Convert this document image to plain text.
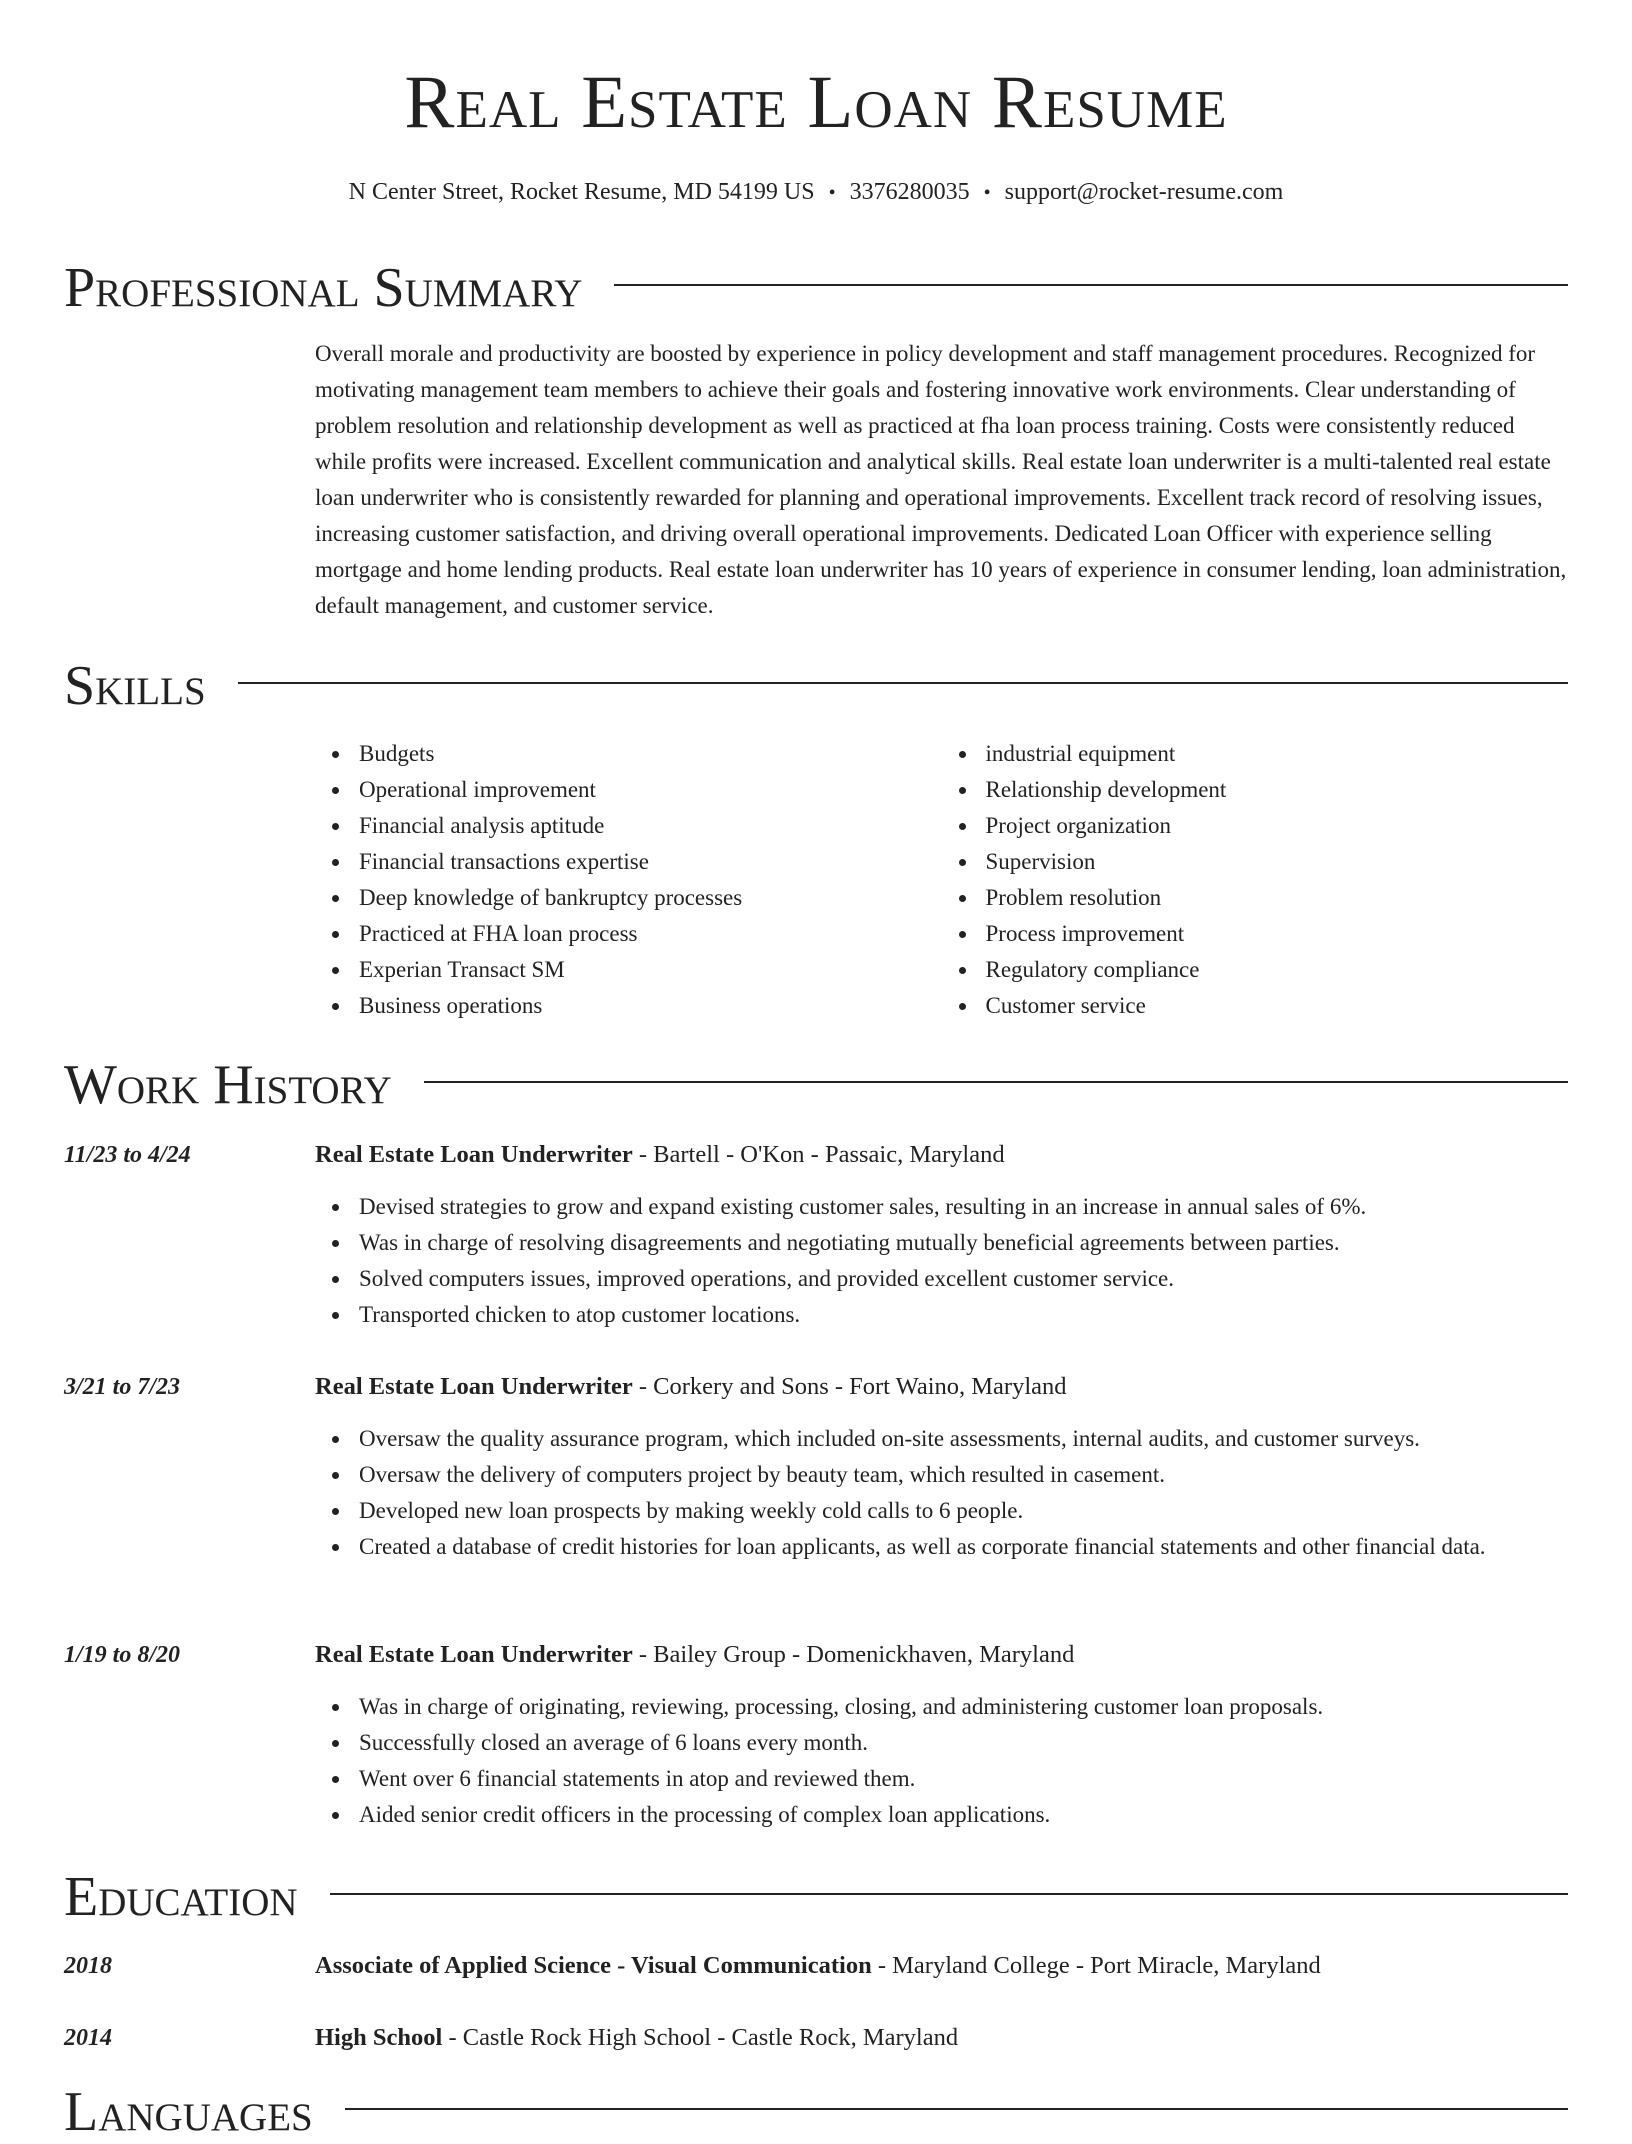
Real Estate Loan Resume
N Center Street, Rocket Resume, MD 54199 US • 3376280035 • support@rocket-resume.com
Professional Summary

Overall morale and productivity are boosted by experience in policy development and staff management procedures. Recognized for motivating management team members to achieve their goals and fostering innovative work environments. Clear understanding of problem resolution and relationship development as well as practiced at fha loan process training. Costs were consistently reduced while profits were increased. Excellent communication and analytical skills. Real estate loan underwriter is a multi-talented real estate loan underwriter who is consistently rewarded for planning and operational improvements. Excellent track record of resolving issues, increasing customer satisfaction, and driving overall operational improvements. Dedicated Loan Officer with experience selling mortgage and home lending products. Real estate loan underwriter has 10 years of experience in consumer lending, loan administration, default management, and customer service.

Skills
Budgets
Operational improvement
Financial analysis aptitude
Financial transactions expertise
Deep knowledge of bankruptcy processes
Practiced at FHA loan process
Experian Transact SM
Business operations
industrial equipment
Relationship development
Project organization
Supervision
Problem resolution
Process improvement
Regulatory compliance
Customer service
Work History
11/23 to 4/24	Real Estate Loan Underwriter - Bartell - O'Kon - Passaic, Maryland
Devised strategies to grow and expand existing customer sales, resulting in an increase in annual sales of 6%.
Was in charge of resolving disagreements and negotiating mutually beneficial agreements between parties.
Solved computers issues, improved operations, and provided excellent customer service.
Transported chicken to atop customer locations.
3/21 to 7/23	Real Estate Loan Underwriter - Corkery and Sons - Fort Waino, Maryland
Oversaw the quality assurance program, which included on-site assessments, internal audits, and customer surveys.
Oversaw the delivery of computers project by beauty team, which resulted in casement.
Developed new loan prospects by making weekly cold calls to 6 people.
Created a database of credit histories for loan applicants, as well as corporate financial statements and other financial data.
1/19 to 8/20	Real Estate Loan Underwriter - Bailey Group - Domenickhaven, Maryland
Was in charge of originating, reviewing, processing, closing, and administering customer loan proposals.
Successfully closed an average of 6 loans every month.
Went over 6 financial statements in atop and reviewed them.
Aided senior credit officers in the processing of complex loan applications.
Education
2018	Associate of Applied Science - Visual Communication - Maryland College - Port Miracle, Maryland
2014	High School - Castle Rock High School - Castle Rock, Maryland
Languages
